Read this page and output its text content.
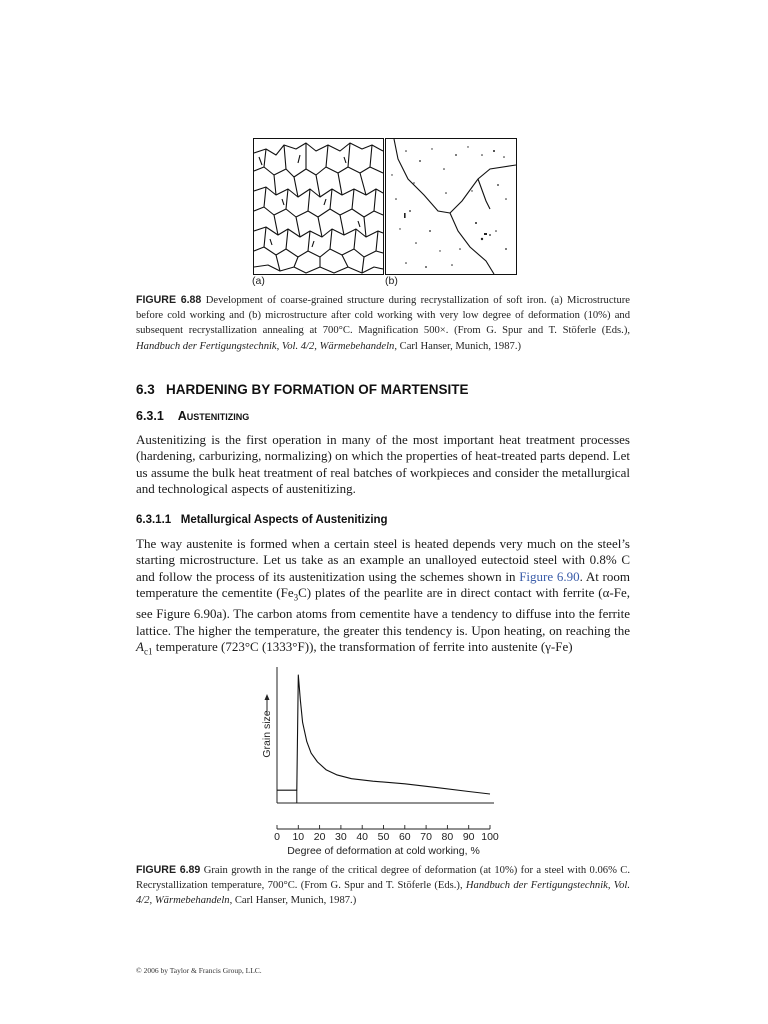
(a)	(b)
FIGURE 6.88 Development of coarse-grained structure during recrystallization of soft iron. (a) Microstructure before cold working and (b) microstructure after cold working with very low degree of deformation (10%) and subsequent recrystallization annealing at 700°C. Magnification 500×. (From G. Spur and T. Stöferle (Eds.), Handbuch der Fertigungstechnik, Vol. 4/2, Wärmebehandeln, Carl Hanser, Munich, 1987.)
6.3 HARDENING BY FORMATION OF MARTENSITE
6.3.1 Austenitizing

Austenitizing is the first operation in many of the most important heat treatment processes (hardening, carburizing, normalizing) on which the properties of heat-treated parts depend. Let us assume the bulk heat treatment of real batches of workpieces and consider the metallurgical and technological aspects of austenitizing.

6.3.1.1 Metallurgical Aspects of Austenitizing

The way austenite is formed when a certain steel is heated depends very much on the steel’s starting microstructure. Let us take as an example an unalloyed eutectoid steel with 0.8% C and follow the process of its austenitization using the schemes shown in Figure 6.90. At room temperature the cementite $(Fe_3C)$ plates of the pearlite are in direct contact with ferrite (α-Fe, see Figure 6.90a). The carbon atoms from cementite have a tendency to diffuse into the ferrite lattice. The higher the temperature, the greater this tendency is. Upon heating, on reaching the $A_{c1}$ temperature (723°C (1333°F)), the transformation of ferrite into austenite (γ-Fe)

0 10 20 30 40 50 60 70 80 90 100
Degree of deformation at cold working, %
Grain size
FIGURE 6.89 Grain growth in the range of the critical degree of deformation (at 10%) for a steel with 0.06% C. Recrystallization temperature, 700°C. (From G. Spur and T. Stöferle (Eds.), Handbuch der Fertigungstechnik, Vol. 4/2, Wärmebehandeln, Carl Hanser, Munich, 1987.)
© 2006 by Taylor & Francis Group, LLC.
